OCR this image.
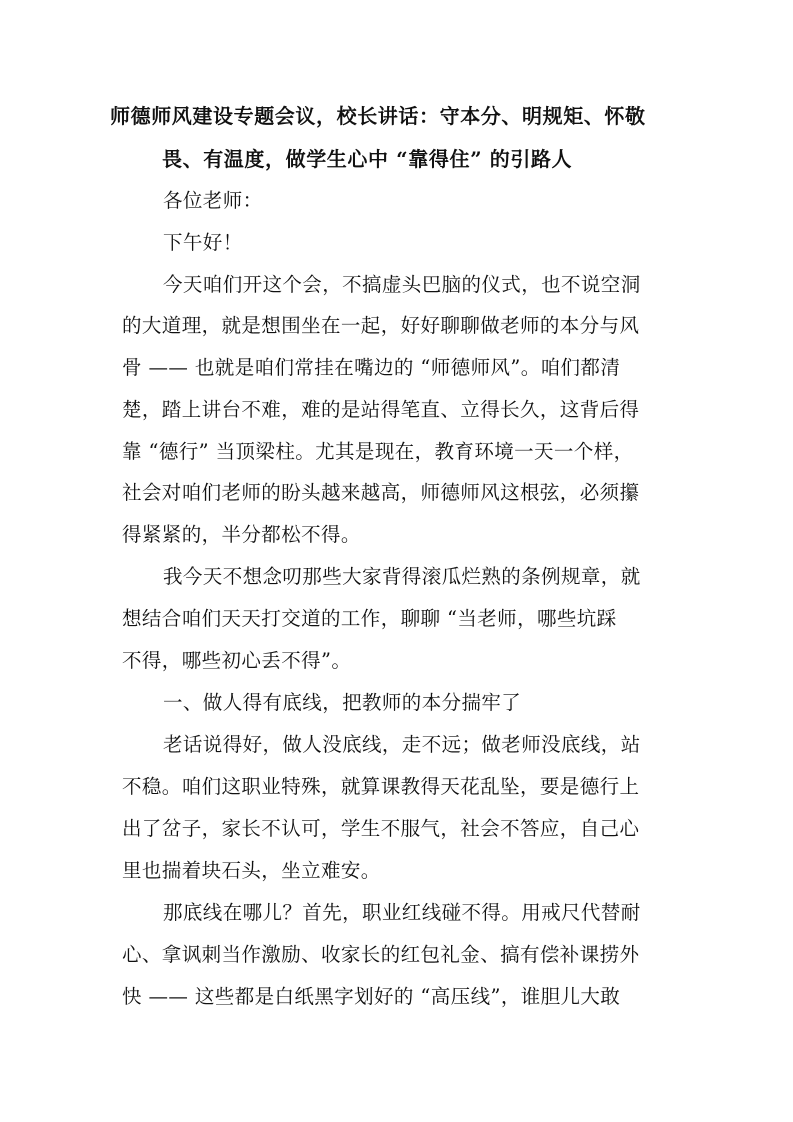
师德师风建设专题会议，校长讲话：守本分、明规矩、怀敬
畏、有温度，做学生心中 “靠得住” 的引路人
各位老师：
下午好！
今天咱们开这个会，不搞虚头巴脑的仪式，也不说空洞
的大道理，就是想围坐在一起，好好聊聊做老师的本分与风
骨 —— 也就是咱们常挂在嘴边的 “师德师风”。咱们都清
楚，踏上讲台不难，难的是站得笔直、立得长久，这背后得
靠 “德行” 当顶梁柱。尤其是现在，教育环境一天一个样，
社会对咱们老师的盼头越来越高，师德师风这根弦，必须攥
得紧紧的，半分都松不得。
我今天不想念叨那些大家背得滚瓜烂熟的条例规章，就
想结合咱们天天打交道的工作，聊聊 “当老师，哪些坑踩
不得，哪些初心丢不得”。
一、做人得有底线，把教师的本分揣牢了
老话说得好，做人没底线，走不远；做老师没底线，站
不稳。咱们这职业特殊，就算课教得天花乱坠，要是德行上
出了岔子，家长不认可，学生不服气，社会不答应，自己心
里也揣着块石头，坐立难安。
那底线在哪儿？首先，职业红线碰不得。用戒尺代替耐
心、拿讽刺当作激励、收家长的红包礼金、搞有偿补课捞外
快 —— 这些都是白纸黑字划好的 “高压线”，谁胆儿大敢
